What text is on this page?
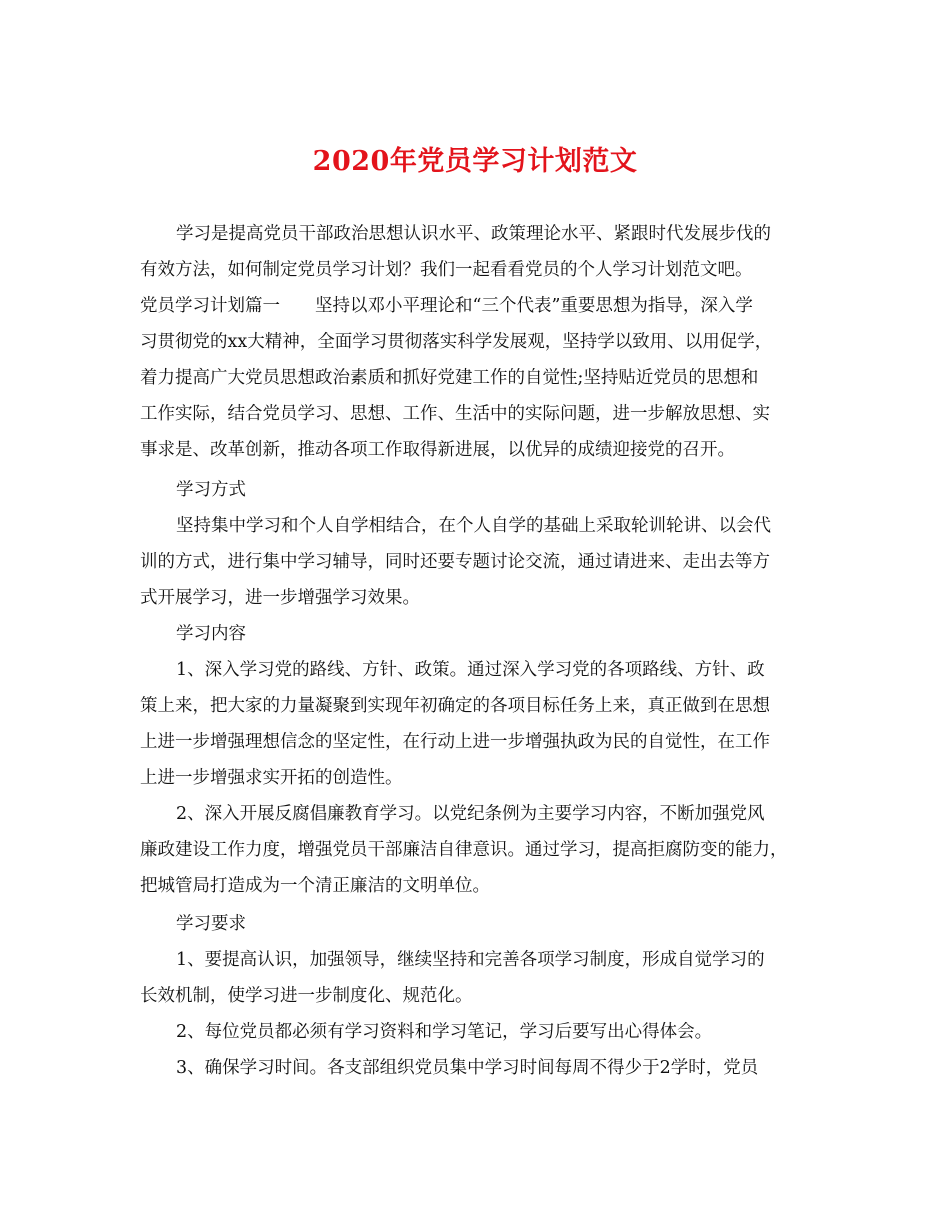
2020年党员学习计划范文
学习是提高党员干部政治思想认识水平、政策理论水平、紧跟时代发展步伐的
有效方法，如何制定党员学习计划？我们一起看看党员的个人学习计划范文吧。
党员学习计划篇一　　坚持以邓小平理论和“三个代表”重要思想为指导，深入学
习贯彻党的xx大精神，全面学习贯彻落实科学发展观，坚持学以致用、以用促学，
着力提高广大党员思想政治素质和抓好党建工作的自觉性;坚持贴近党员的思想和
工作实际，结合党员学习、思想、工作、生活中的实际问题，进一步解放思想、实
事求是、改革创新，推动各项工作取得新进展，以优异的成绩迎接党的召开。
学习方式
坚持集中学习和个人自学相结合，在个人自学的基础上采取轮训轮讲、以会代
训的方式，进行集中学习辅导，同时还要专题讨论交流，通过请进来、走出去等方
式开展学习，进一步增强学习效果。
学习内容
1、深入学习党的路线、方针、政策。通过深入学习党的各项路线、方针、政
策上来，把大家的力量凝聚到实现年初确定的各项目标任务上来，真正做到在思想
上进一步增强理想信念的坚定性，在行动上进一步增强执政为民的自觉性，在工作
上进一步增强求实开拓的创造性。
2、深入开展反腐倡廉教育学习。以党纪条例为主要学习内容，不断加强党风
廉政建设工作力度，增强党员干部廉洁自律意识。通过学习，提高拒腐防变的能力，
把城管局打造成为一个清正廉洁的文明单位。
学习要求
1、要提高认识，加强领导，继续坚持和完善各项学习制度，形成自觉学习的
长效机制，使学习进一步制度化、规范化。
2、每位党员都必须有学习资料和学习笔记，学习后要写出心得体会。
3、确保学习时间。各支部组织党员集中学习时间每周不得少于2学时，党员
